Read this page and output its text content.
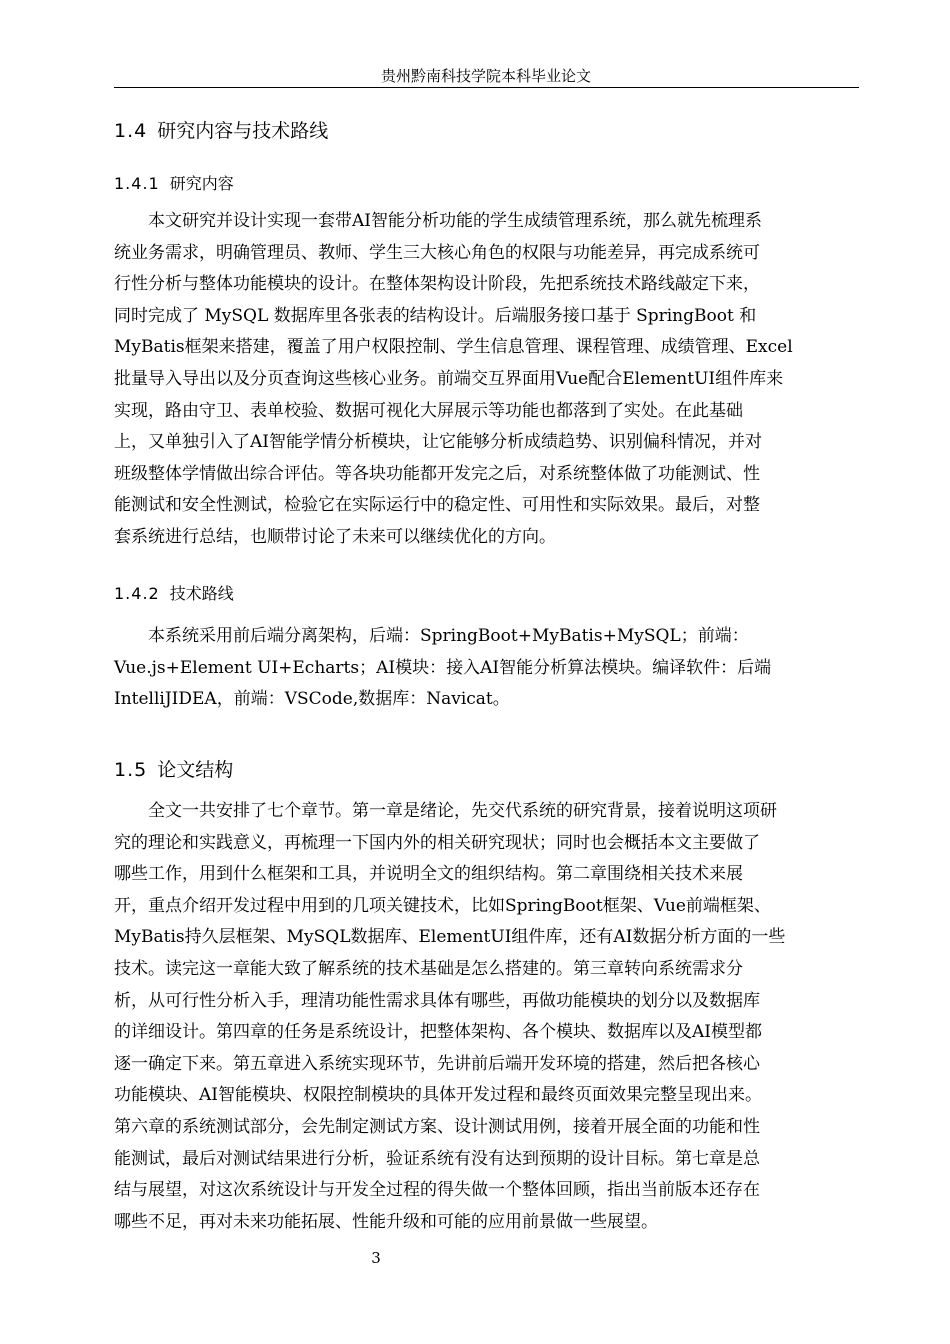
贵州黔南科技学院本科毕业论文
1.4 研究内容与技术路线
1.4.1 研究内容

本文研究并设计实现一套带AI智能分析功能的学生成绩管理系统，那么就先梳理系
统业务需求，明确管理员、教师、学生三大核心角色的权限与功能差异，再完成系统可
行性分析与整体功能模块的设计。在整体架构设计阶段，先把系统技术路线敲定下来，
同时完成了 MySQL 数据库里各张表的结构设计。后端服务接口基于 SpringBoot 和
MyBatis框架来搭建，覆盖了用户权限控制、学生信息管理、课程管理、成绩管理、Excel
批量导入导出以及分页查询这些核心业务。前端交互界面用Vue配合ElementUI组件库来
实现，路由守卫、表单校验、数据可视化大屏展示等功能也都落到了实处。在此基础
上，又单独引入了AI智能学情分析模块，让它能够分析成绩趋势、识别偏科情况，并对
班级整体学情做出综合评估。等各块功能都开发完之后，对系统整体做了功能测试、性
能测试和安全性测试，检验它在实际运行中的稳定性、可用性和实际效果。最后，对整
套系统进行总结，也顺带讨论了未来可以继续优化的方向。

1.4.2 技术路线

本系统采用前后端分离架构，后端：SpringBoot+MyBatis+MySQL；前端：
Vue.js+Element UI+Echarts；AI模块：接入AI智能分析算法模块。编译软件：后端
IntelliJIDEA，前端：VSCode,数据库：Navicat。

1.5 论文结构

全文一共安排了七个章节。第一章是绪论，先交代系统的研究背景，接着说明这项研
究的理论和实践意义，再梳理一下国内外的相关研究现状；同时也会概括本文主要做了
哪些工作，用到什么框架和工具，并说明全文的组织结构。第二章围绕相关技术来展
开，重点介绍开发过程中用到的几项关键技术，比如SpringBoot框架、Vue前端框架、
MyBatis持久层框架、MySQL数据库、ElementUI组件库，还有AI数据分析方面的一些
技术。读完这一章能大致了解系统的技术基础是怎么搭建的。第三章转向系统需求分
析，从可行性分析入手，理清功能性需求具体有哪些，再做功能模块的划分以及数据库
的详细设计。第四章的任务是系统设计，把整体架构、各个模块、数据库以及AI模型都
逐一确定下来。第五章进入系统实现环节，先讲前后端开发环境的搭建，然后把各核心
功能模块、AI智能模块、权限控制模块的具体开发过程和最终页面效果完整呈现出来。
第六章的系统测试部分，会先制定测试方案、设计测试用例，接着开展全面的功能和性
能测试，最后对测试结果进行分析，验证系统有没有达到预期的设计目标。第七章是总
结与展望，对这次系统设计与开发全过程的得失做一个整体回顾，指出当前版本还存在
哪些不足，再对未来功能拓展、性能升级和可能的应用前景做一些展望。

3
